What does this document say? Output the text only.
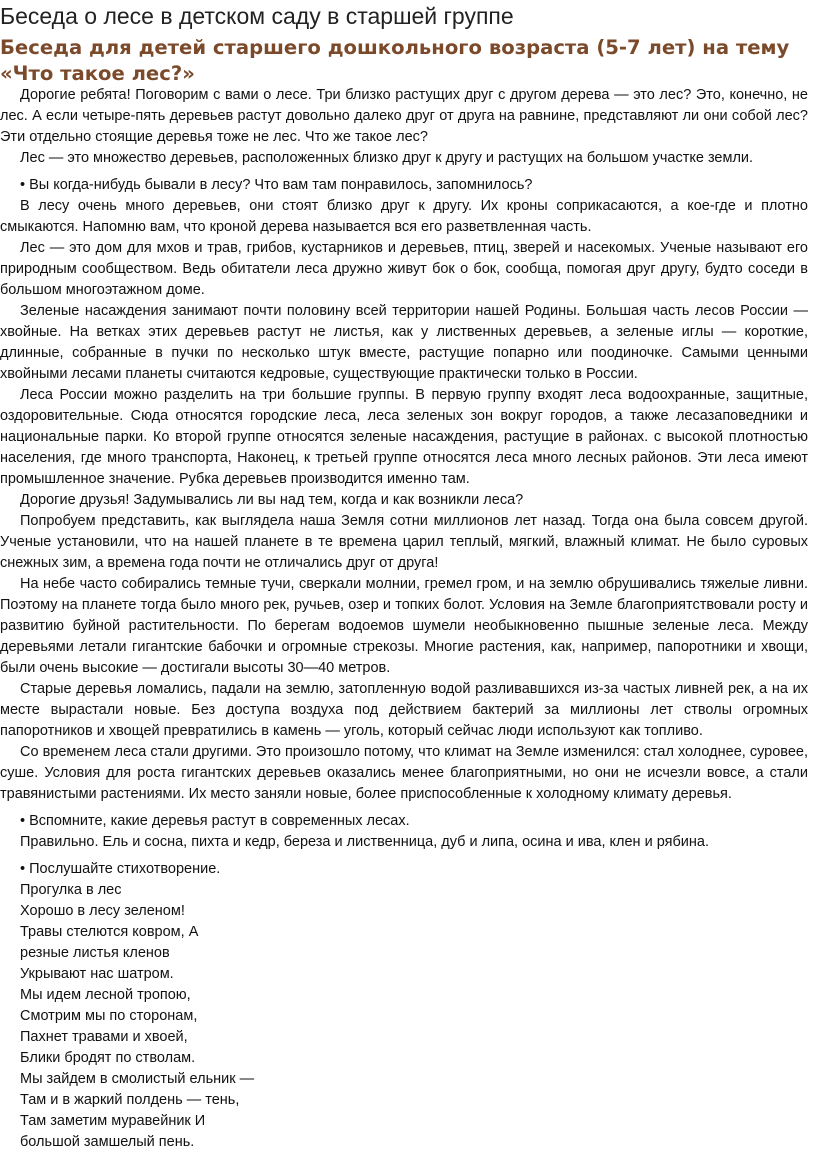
Беседа о лесе в детском саду в старшей группе
Беседа для детей старшего дошкольного возраста (5-7 лет) на тему «Что такое лес?»

Дорогие ребята! Поговорим с вами о лесе. Три близко растущих друг с другом дерева — это лес? Это, конечно, не лес. А если четыре-пять деревьев растут довольно далеко друг от друга на равнине, представляют ли они собой лес? Эти отдельно стоящие деревья тоже не лес. Что же такое лес?

Лес — это множество деревьев, расположенных близко друг к другу и растущих на большом участке земли.

• Вы когда-нибудь бывали в лесу? Что вам там понравилось, запомнилось?

В лесу очень много деревьев, они стоят близко друг к другу. Их кроны соприкасаются, а кое-где и плотно смыкаются. Напомню вам, что кроной дерева называется вся его разветвленная часть.

Лес — это дом для мхов и трав, грибов, кустарников и деревьев, птиц, зверей и насекомых. Ученые называют его природным сообществом. Ведь обитатели леса дружно живут бок о бок, сообща, помогая друг другу, будто соседи в большом многоэтажном доме.

Зеленые насаждения занимают почти половину всей территории нашей Родины. Большая часть лесов России — хвойные. На ветках этих деревьев растут не листья, как у лиственных деревьев, а зеленые иглы — короткие, длинные, собранные в пучки по несколько штук вместе, растущие попарно или поодиночке. Самыми ценными хвойными лесами планеты считаются кедровые, существующие практически только в России.

Леса России можно разделить на три большие группы. В первую группу входят леса водоохранные, защитные, оздоровительные. Сюда относятся городские леса, леса зеленых зон вокруг городов, а также лесазаповедники и национальные парки. Ко второй группе относятся зеленые насаждения, растущие в районах. с высокой плотностью населения, где много транспорта, Наконец, к третьей группе относятся леса много лесных районов. Эти леса имеют промышленное значение. Рубка деревьев производится именно там.

Дорогие друзья! Задумывались ли вы над тем, когда и как возникли леса?

Попробуем представить, как выглядела наша Земля сотни миллионов лет назад. Тогда она была совсем другой. Ученые установили, что на нашей планете в те времена царил теплый, мягкий, влажный климат. Не было суровых снежных зим, а времена года почти не отличались друг от друга!

На небе часто собирались темные тучи, сверкали молнии, гремел гром, и на землю обрушивались тяжелые ливни. Поэтому на планете тогда было много рек, ручьев, озер и топких болот. Условия на Земле благоприятствовали росту и развитию буйной растительности. По берегам водоемов шумели необыкновенно пышные зеленые леса. Между деревьями летали гигантские бабочки и огромные стрекозы. Многие растения, как, например, папоротники и хвощи, были очень высокие — достигали высоты 30—40 метров.

Старые деревья ломались, падали на землю, затопленную водой разливавшихся из-за частых ливней рек, а на их месте вырастали новые. Без доступа воздуха под действием бактерий за миллионы лет стволы огромных папоротников и хвощей превратились в камень — уголь, который сейчас люди используют как топливо.

Со временем леса стали другими. Это произошло потому, что климат на Земле изменился: стал холоднее, суровее, суше. Условия для роста гигантских деревьев оказались менее благоприятными, но они не исчезли вовсе, а стали травянистыми растениями. Их место заняли новые, более приспособленные к холодному климату деревья.

• Вспомните, какие деревья растут в современных лесах.

Правильно. Ель и сосна, пихта и кедр, береза и лиственница, дуб и липа, осина и ива, клен и рябина.

• Послушайте стихотворение.

Прогулка в лес
Хорошо в лесу зеленом!
Травы стелются ковром, А
резные листья кленов
Укрывают нас шатром.
Мы идем лесной тропою,
Смотрим мы по сторонам,
Пахнет травами и хвоей,
Блики бродят по стволам.
Мы зайдем в смолистый ельник —
Там и в жаркий полдень — тень,
Там заметим муравейник И
большой замшелый пень.
